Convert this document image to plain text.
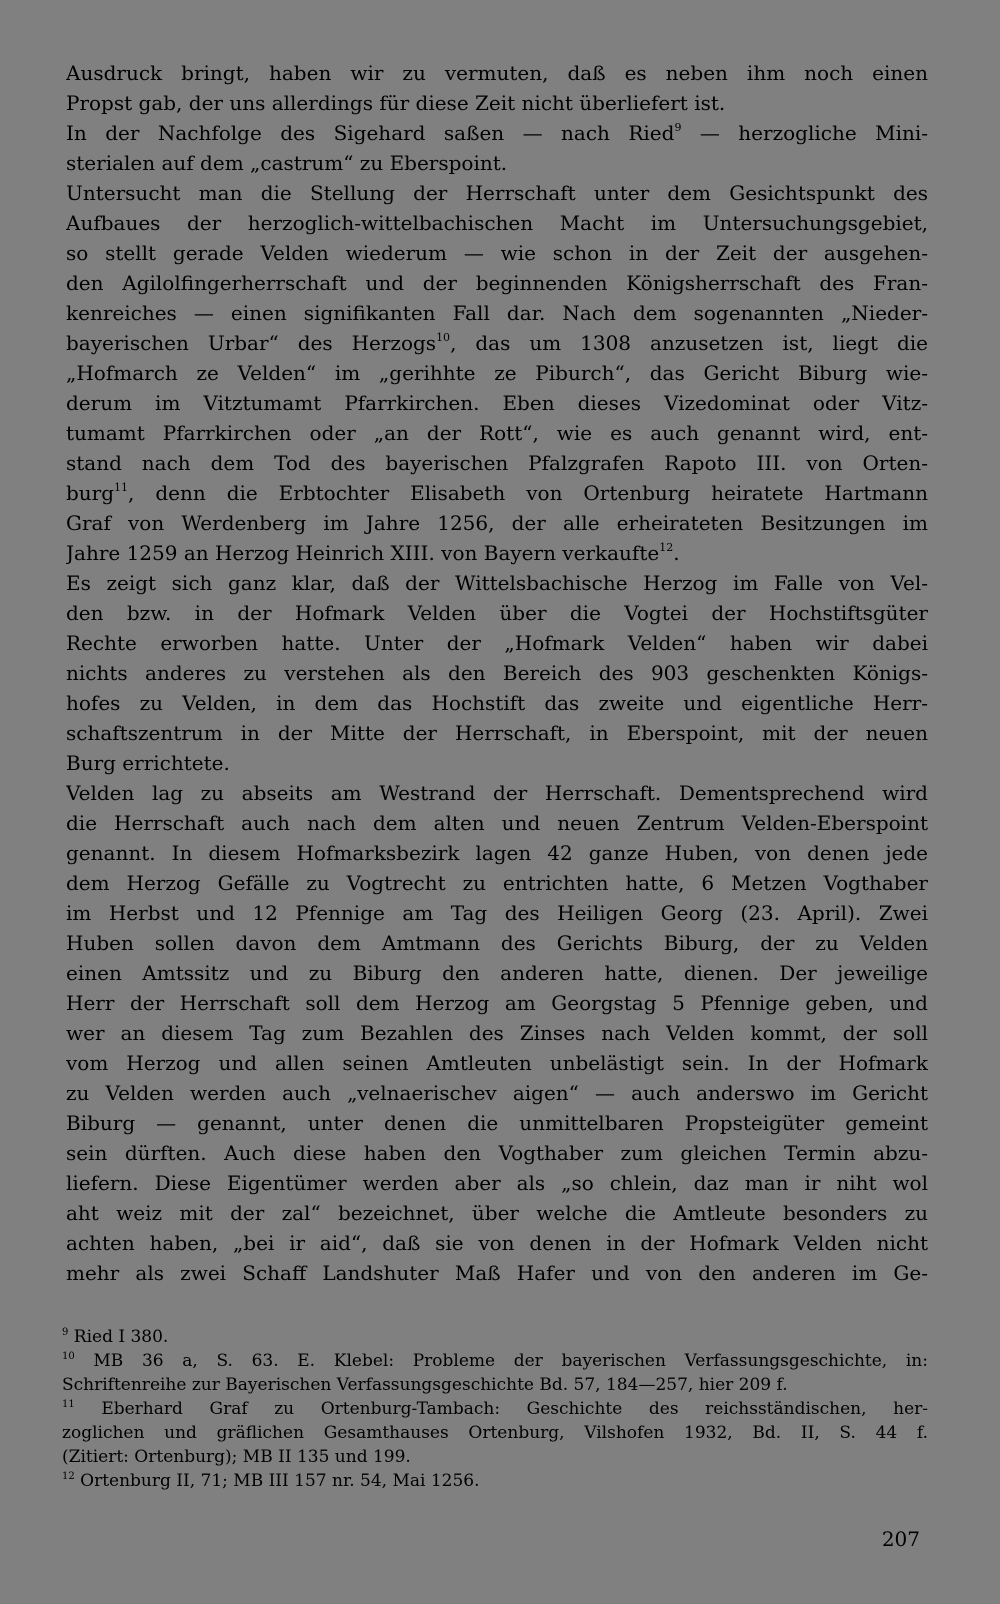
Ausdruck bringt, haben wir zu vermuten, daß es neben ihm noch einen
Propst gab, der uns allerdings für diese Zeit nicht überliefert ist.
In der Nachfolge des Sigehard saßen — nach Ried$^9$ — herzogliche Mini-
sterialen auf dem „castrum“ zu Eberspoint.
Untersucht man die Stellung der Herrschaft unter dem Gesichtspunkt des
Aufbaues der herzoglich-wittelbachischen Macht im Untersuchungsgebiet,
so stellt gerade Velden wiederum — wie schon in der Zeit der ausgehen-
den Agilolfingerherrschaft und der beginnenden Königsherrschaft des Fran-
kenreiches — einen signifikanten Fall dar. Nach dem sogenannten „Nieder-
bayerischen Urbar“ des Herzogs$^{10}$, das um 1308 anzusetzen ist, liegt die
„Hofmarch ze Velden“ im „gerihhte ze Piburch“, das Gericht Biburg wie-
derum im Vitztumamt Pfarrkirchen. Eben dieses Vizedominat oder Vitz-
tumamt Pfarrkirchen oder „an der Rott“, wie es auch genannt wird, ent-
stand nach dem Tod des bayerischen Pfalzgrafen Rapoto III. von Orten-
burg$^{11}$, denn die Erbtochter Elisabeth von Ortenburg heiratete Hartmann
Graf von Werdenberg im Jahre 1256, der alle erheirateten Besitzungen im
Jahre 1259 an Herzog Heinrich XIII. von Bayern verkaufte$^{12}$.
Es zeigt sich ganz klar, daß der Wittelsbachische Herzog im Falle von Vel-
den bzw. in der Hofmark Velden über die Vogtei der Hochstiftsgüter
Rechte erworben hatte. Unter der „Hofmark Velden“ haben wir dabei
nichts anderes zu verstehen als den Bereich des 903 geschenkten Königs-
hofes zu Velden, in dem das Hochstift das zweite und eigentliche Herr-
schaftszentrum in der Mitte der Herrschaft, in Eberspoint, mit der neuen
Burg errichtete.
Velden lag zu abseits am Westrand der Herrschaft. Dementsprechend wird
die Herrschaft auch nach dem alten und neuen Zentrum Velden-Eberspoint
genannt. In diesem Hofmarksbezirk lagen 42 ganze Huben, von denen jede
dem Herzog Gefälle zu Vogtrecht zu entrichten hatte, 6 Metzen Vogthaber
im Herbst und 12 Pfennige am Tag des Heiligen Georg (23. April). Zwei
Huben sollen davon dem Amtmann des Gerichts Biburg, der zu Velden
einen Amtssitz und zu Biburg den anderen hatte, dienen. Der jeweilige
Herr der Herrschaft soll dem Herzog am Georgstag 5 Pfennige geben, und
wer an diesem Tag zum Bezahlen des Zinses nach Velden kommt, der soll
vom Herzog und allen seinen Amtleuten unbelästigt sein. In der Hofmark
zu Velden werden auch „velnaerischev aigen“ — auch anderswo im Gericht
Biburg — genannt, unter denen die unmittelbaren Propsteigüter gemeint
sein dürften. Auch diese haben den Vogthaber zum gleichen Termin abzu-
liefern. Diese Eigentümer werden aber als „so chlein, daz man ir niht wol
aht weiz mit der zal“ bezeichnet, über welche die Amtleute besonders zu
achten haben, „bei ir aid“, daß sie von denen in der Hofmark Velden nicht
mehr als zwei Schaff Landshuter Maß Hafer und von den anderen im Ge-
$^9$ Ried I 380.
$^{10}$ MB 36 a, S. 63. E. Klebel: Probleme der bayerischen Verfassungsgeschichte, in:
Schriftenreihe zur Bayerischen Verfassungsgeschichte Bd. 57, 184—257, hier 209 f.
$^{11}$ Eberhard Graf zu Ortenburg-Tambach: Geschichte des reichsständischen, her-
zoglichen und gräflichen Gesamthauses Ortenburg, Vilshofen 1932, Bd. II, S. 44 f.
(Zitiert: Ortenburg); MB II 135 und 199.
$^{12}$ Ortenburg II, 71; MB III 157 nr. 54, Mai 1256.
207
